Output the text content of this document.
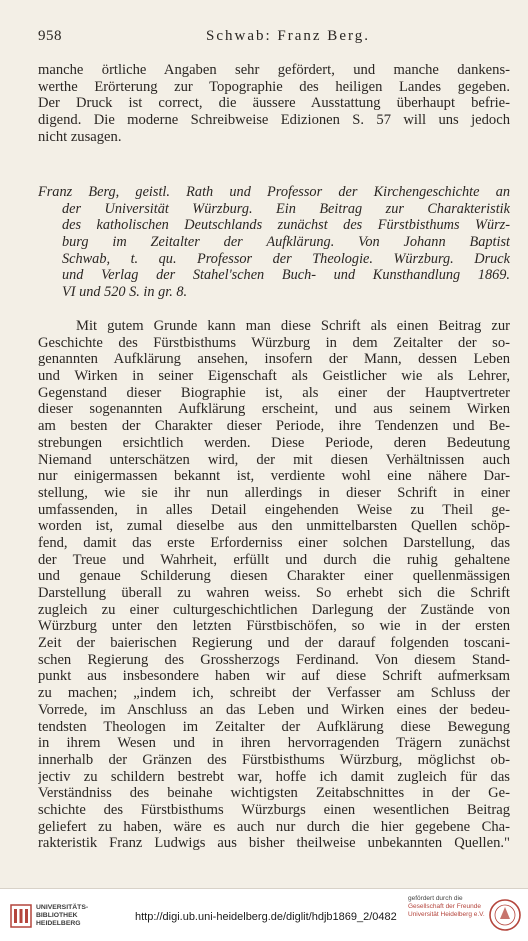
958	Schwab: Franz Berg.
manche örtliche Angaben sehr gefördert, und manche dankens-
werthe Erörterung zur Topographie des heiligen Landes gegeben.
Der Druck ist correct, die äussere Ausstattung überhaupt befrie-
digend. Die moderne Schreibweise Edizionen S. 57 will uns jedoch
nicht zusagen.
Franz Berg, geistl. Rath und Professor der Kirchengeschichte an
der Universität Würzburg. Ein Beitrag zur Charakteristik
des katholischen Deutschlands zunächst des Fürstbisthums Würz-
burg im Zeitalter der Aufklärung. Von Johann Baptist
Schwab, t. qu. Professor der Theologie. Würzburg. Druck
und Verlag der Stahel'schen Buch- und Kunsthandlung 1869.
VI und 520 S. in gr. 8.
Mit gutem Grunde kann man diese Schrift als einen Beitrag zur
Geschichte des Fürstbisthums Würzburg in dem Zeitalter der so-
genannten Aufklärung ansehen, insofern der Mann, dessen Leben
und Wirken in seiner Eigenschaft als Geistlicher wie als Lehrer,
Gegenstand dieser Biographie ist, als einer der Hauptvertreter
dieser sogenannten Aufklärung erscheint, und aus seinem Wirken
am besten der Charakter dieser Periode, ihre Tendenzen und Be-
strebungen ersichtlich werden. Diese Periode, deren Bedeutung
Niemand unterschätzen wird, der mit diesen Verhältnissen auch
nur einigermassen bekannt ist, verdiente wohl eine nähere Dar-
stellung, wie sie ihr nun allerdings in dieser Schrift in einer
umfassenden, in alles Detail eingehenden Weise zu Theil ge-
worden ist, zumal dieselbe aus den unmittelbarsten Quellen schöp-
fend, damit das erste Erforderniss einer solchen Darstellung, das
der Treue und Wahrheit, erfüllt und durch die ruhig gehaltene
und genaue Schilderung diesen Charakter einer quellenmässigen
Darstellung überall zu wahren weiss. So erhebt sich die Schrift
zugleich zu einer culturgeschichtlichen Darlegung der Zustände von
Würzburg unter den letzten Fürstbischöfen, so wie in der ersten
Zeit der baierischen Regierung und der darauf folgenden toscani-
schen Regierung des Grossherzogs Ferdinand. Von diesem Stand-
punkt aus insbesondere haben wir auf diese Schrift aufmerksam
zu machen; „indem ich, schreibt der Verfasser am Schluss der
Vorrede, im Anschluss an das Leben und Wirken eines der bedeu-
tendsten Theologen im Zeitalter der Aufklärung diese Bewegung
in ihrem Wesen und in ihren hervorragenden Trägern zunächst
innerhalb der Gränzen des Fürstbisthums Würzburg, möglichst ob-
jectiv zu schildern bestrebt war, hoffe ich damit zugleich für das
Verständniss des beinahe wichtigsten Zeitabschnittes in der Ge-
schichte des Fürstbisthums Würzburgs einen wesentlichen Beitrag
geliefert zu haben, wäre es auch nur durch die hier gegebene Cha-
rakteristik Franz Ludwigs aus bisher theilweise unbekannten Quellen."
UNIVERSITÄTS-
BIBLIOTHEK
HEIDELBERG
http://digi.ub.uni-heidelberg.de/diglit/hdjb1869_2/0482
gefördert durch die
Gesellschaft der Freunde
Universität Heidelberg e.V.
